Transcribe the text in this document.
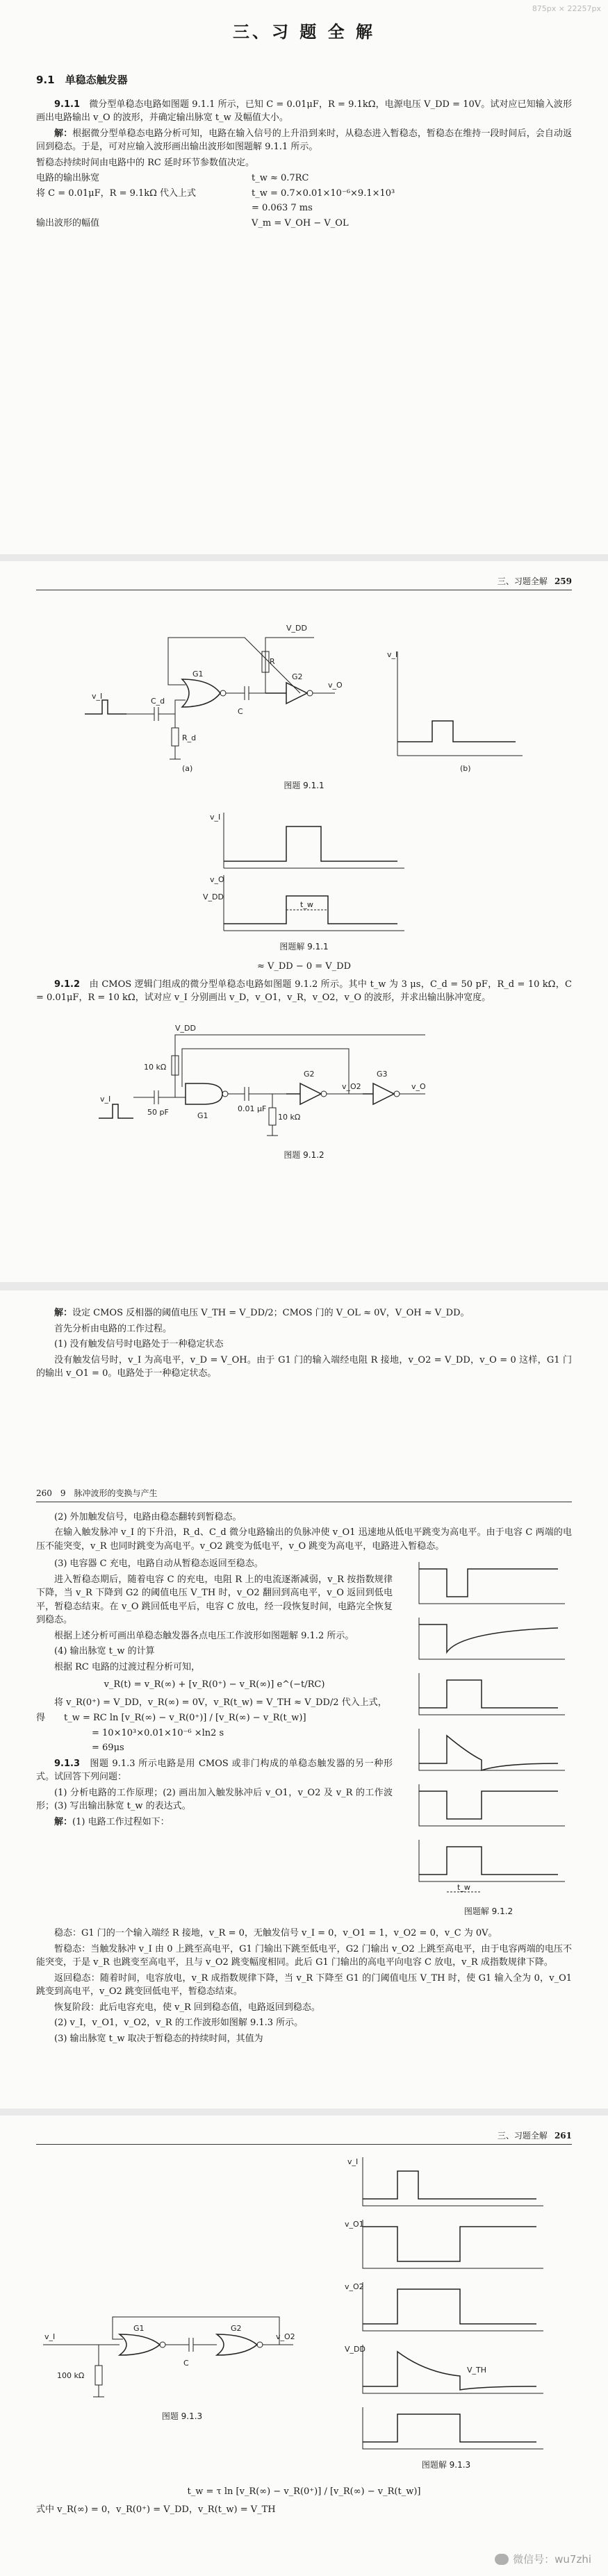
875px × 22257px
三、习 题 全 解
9.1　单稳态触发器

9.1.1　 微分型单稳态电路如图题 9.1.1 所示，已知 C = 0.01μF，R = 9.1kΩ，电源电压 V_DD = 10V。试对应已知输入波形画出电路输出 v_O 的波形，并确定输出脉宽 t_w 及幅值大小。

解：根据微分型单稳态电路分析可知，电路在输入信号的上升沿到来时，从稳态进入暂稳态，暂稳态在维持一段时间后，会自动返回到稳态。于是，可对应输入波形画出输出波形如图题解 9.1.1 所示。

暂稳态持续时间由电路中的 RC 延时环节参数值决定。

电路的输出脉宽	t_w ≈ 0.7RC
将 C = 0.01μF，R = 9.1kΩ 代入上式	t_w = 0.7×0.01×10⁻⁶×9.1×10³
= 0.063 7 ms
输出波形的幅值	V_m = V_OH − V_OL
三、习题全解 259
v_I
C_d
R_d
G1
C
R
G2
v_O
V_DD
(a)
v_I
(b)
图题 9.1.1
v_I
v_O
V_DD
t_w
图题解 9.1.1
≈ V_DD − 0 = V_DD

9.1.2　 由 CMOS 逻辑门组成的微分型单稳态电路如图题 9.1.2 所示。其中 t_w 为 3 μs，C_d = 50 pF，R_d = 10 kΩ，C = 0.01μF，R = 10 kΩ，试对应 v_I 分别画出 v_D，v_O1，v_R，v_O2，v_O 的波形，并求出输出脉冲宽度。

v_I
50 pF
10 kΩ
V_DD
G1
0.01 μF
10 kΩ
G2
v_O2
G3
v_O
图题 9.1.2

解：设定 CMOS 反相器的阈值电压 V_TH = V_DD/2；CMOS 门的 V_OL ≈ 0V，V_OH ≈ V_DD。

首先分析由电路的工作过程。

(1) 没有触发信号时电路处于一种稳定状态

没有触发信号时，v_I 为高电平，v_D = V_OH。由于 G1 门的输入端经电阻 R 接地，v_O2 = V_DD，v_O = 0 这样，G1 门的输出 v_O1 = 0。电路处于一种稳定状态。

260　9　脉冲波形的变换与产生

(2) 外加触发信号，电路由稳态翻转到暂稳态。

在输入触发脉冲 v_I 的下升沿，R_d、C_d 微分电路输出的负脉冲使 v_O1 迅速地从低电平跳变为高电平。由于电容 C 两端的电压不能突变，v_R 也同时跳变为高电平。v_O2 跳变为低电平，v_O 跳变为高电平，电路进入暂稳态。

(3) 电容器 C 充电，电路自动从暂稳态返回至稳态。

进入暂稳态期后，随着电容 C 的充电，电阻 R 上的电流逐渐减弱，v_R 按指数规律下降，当 v_R 下降到 G2 的阈值电压 V_TH 时，v_O2 翻回到高电平，v_O 返回到低电平，暂稳态结束。在 v_O 跳回低电平后，电容 C 放电，经一段恢复时间，电路完全恢复到稳态。

根据上述分析可画出单稳态触发器各点电压工作波形如图题解 9.1.2 所示。

(4) 输出脉宽 t_w 的计算

根据 RC 电路的过渡过程分析可知，

v_R(t) = v_R(∞) + [v_R(0⁺) − v_R(∞)] e^(−t/RC)

将 v_R(0⁺) = V_DD，v_R(∞) = 0V，v_R(t_w) = V_TH ≈ V_DD/2 代入上式，

得	t_w = RC ln [v_R(∞) − v_R(0⁺)] / [v_R(∞) − v_R(t_w)]
= 10×10³×0.01×10⁻⁶ ×ln2 s
= 69μs

9.1.3　 图题 9.1.3 所示电路是用 CMOS 或非门构成的单稳态触发器的另一种形式。试回答下列问题：

(1) 分析电路的工作原理；(2) 画出加入触发脉冲后 v_O1，v_O2 及 v_R 的工作波形；(3) 写出输出脉宽 t_w 的表达式。

解：(1) 电路工作过程如下：

t_w
图题解 9.1.2

稳态：G1 门的一个输入端经 R 接地，v_R = 0，无触发信号 v_I = 0，v_O1 = 1，v_O2 = 0，v_C 为 0V。

暂稳态：当触发脉冲 v_I 由 0 上跳至高电平，G1 门输出下跳至低电平，G2 门输出 v_O2 上跳至高电平，由于电容两端的电压不能突变，于是 v_R 也跳变至高电平，且与 v_O2 跳变幅度相同。此后 G1 门输出的高电平向电容 C 放电，v_R 成指数规律下降。

返回稳态：随着时间，电容放电，v_R 成指数规律下降，当 v_R 下降至 G1 的门阈值电压 V_TH 时，使 G1 输入全为 0，v_O1 跳变到高电平，v_O2 跳变回低电平，暂稳态结束。

恢复阶段：此后电容充电，使 v_R 回到稳态值，电路返回到稳态。

(2) v_I，v_O1，v_O2，v_R 的工作波形如图解 9.1.3 所示。

(3) 输出脉宽 t_w 取决于暂稳态的持续时间，其值为

三、习题全解 261
v_I
G1
C
G2
v_O2
100 kΩ
图题 9.1.3
v_I
v_O1
v_O2
V_DD
V_TH
图题解 9.1.3
t_w = τ ln [v_R(∞) − v_R(0⁺)] / [v_R(∞) − v_R(t_w)]

式中 v_R(∞) = 0，v_R(0⁺) = V_DD，v_R(t_w) = V_TH

微信号：wu7zhi
